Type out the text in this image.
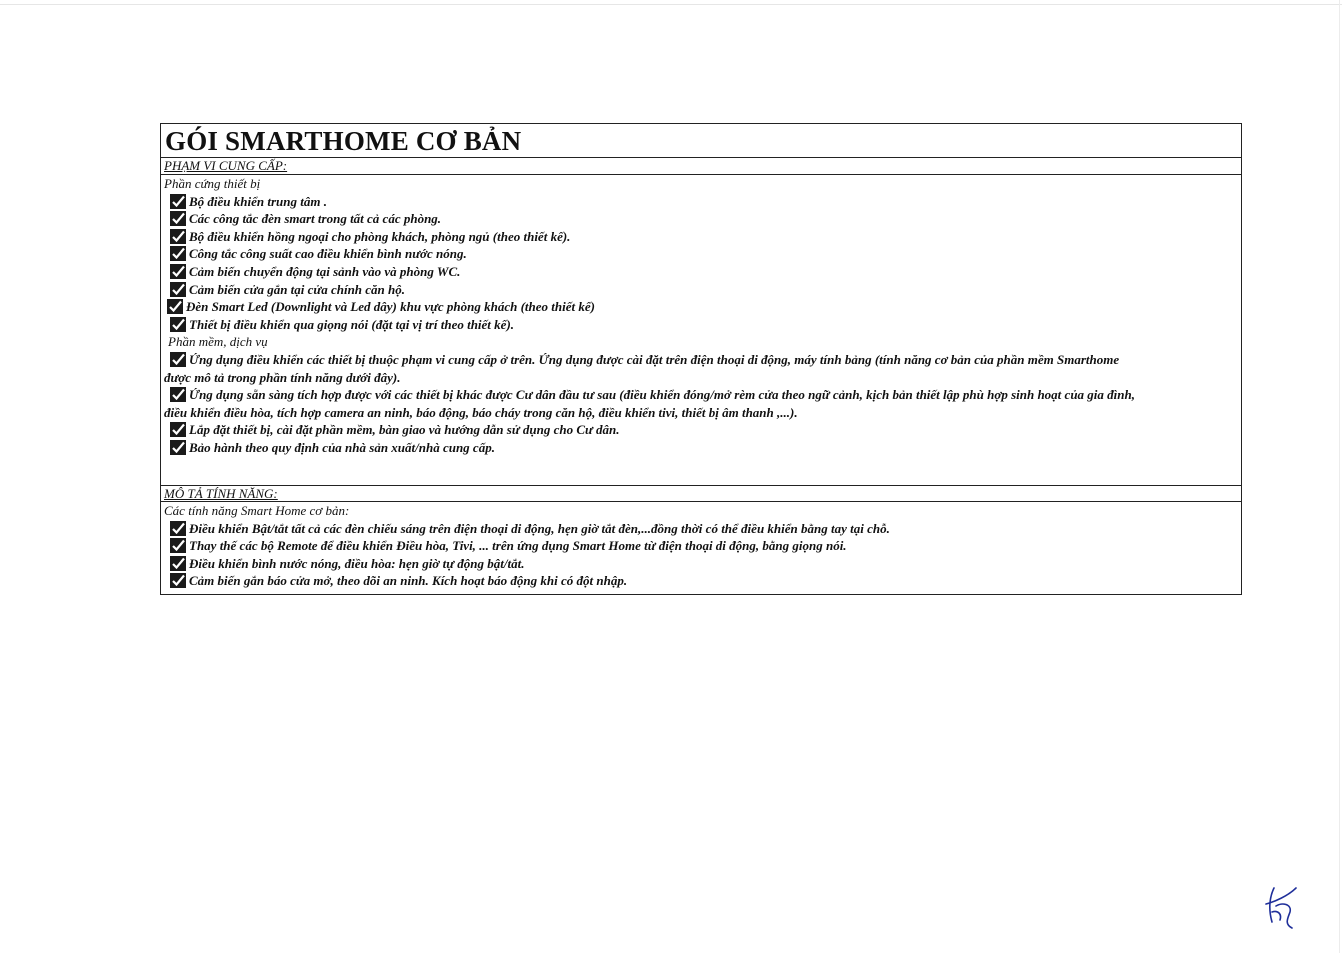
GÓI SMARTHOME CƠ BẢN
PHẠM VI CUNG CẤP:
Phần cứng thiết bị
Bộ điều khiển trung tâm .
Các công tắc đèn smart trong tất cả các phòng.
Bộ điều khiển hồng ngoại cho phòng khách, phòng ngủ (theo thiết kế).
Công tắc công suất cao điều khiển bình nước nóng.
Cảm biến chuyển động tại sảnh vào và phòng WC.
Cảm biến cửa gắn tại cửa chính căn hộ.
Đèn Smart Led (Downlight và Led dây) khu vực phòng khách (theo thiết kế)
Thiết bị điều khiển qua giọng nói (đặt tại vị trí theo thiết kế).
Phần mềm, dịch vụ
Ứng dụng điều khiển các thiết bị thuộc phạm vi cung cấp ở trên. Ứng dụng được cài đặt trên điện thoại di động, máy tính bảng (tính năng cơ bản của phần mềm Smarthome
được mô tả trong phần tính năng dưới đây).
Ứng dụng sẵn sàng tích hợp được với các thiết bị khác được Cư dân đầu tư sau (điều khiển đóng/mở rèm cửa theo ngữ cảnh, kịch bản thiết lập phù hợp sinh hoạt của gia đình,
điều khiển điều hòa, tích hợp camera an ninh, báo động, báo cháy trong căn hộ, điều khiển tivi, thiết bị âm thanh ,...).
Lắp đặt thiết bị, cài đặt phần mềm, bàn giao và hướng dẫn sử dụng cho Cư dân.
Bảo hành theo quy định của nhà sản xuất/nhà cung cấp.
MÔ TẢ TÍNH NĂNG:
Các tính năng Smart Home cơ bản:
Điều khiển Bật/tắt tất cả các đèn chiếu sáng trên điện thoại di động, hẹn giờ tắt đèn,...đồng thời có thể điều khiển bằng tay tại chỗ.
Thay thế các bộ Remote để điều khiển Điều hòa, Tivi, ... trên ứng dụng Smart Home từ điện thoại di động, bằng giọng nói.
Điều khiển bình nước nóng, điều hòa: hẹn giờ tự động bật/tắt.
Cảm biến gắn báo cửa mở, theo dõi an ninh. Kích hoạt báo động khi có đột nhập.
